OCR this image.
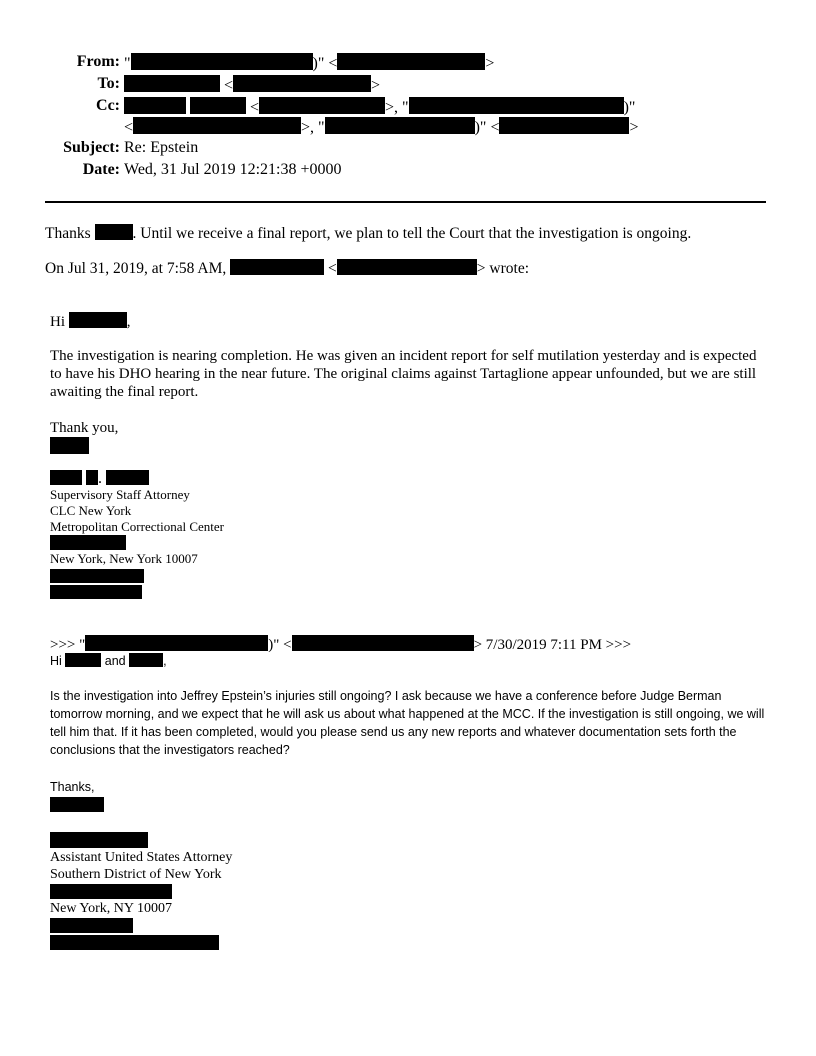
From: "	)" <	>
To:	<	>
Cc:	<	>, "	)"
<	>, "	)" <	>
Subject: Re: Epstein
Date: Wed, 31 Jul 2019 12:21:38 +0000
Thanks	. Until we receive a final report, we plan to tell the Court that the investigation is ongoing.
On Jul 31, 2019, at 7:58 AM,	<	> wrote:
Hi	,
The investigation is nearing completion. He was given an incident report for self mutilation yesterday and is expected to have his DHO hearing in the near future. The original claims against Tartaglione appear unfounded, but we are still awaiting the final report.
Thank you,
.
Supervisory Staff Attorney
CLC New York
Metropolitan Correctional Center
New York, New York 10007
>>> "	)" <	> 7/30/2019 7:11 PM >>>
Hi	and	,
Is the investigation into Jeffrey Epstein’s injuries still ongoing? I ask because we have a conference before Judge Berman tomorrow morning, and we expect that he will ask us about what happened at the MCC. If the investigation is still ongoing, we will tell him that. If it has been completed, would you please send us any new reports and whatever documentation sets forth the conclusions that the investigators reached?
Thanks,
Assistant United States Attorney
Southern District of New York
New York, NY 10007
